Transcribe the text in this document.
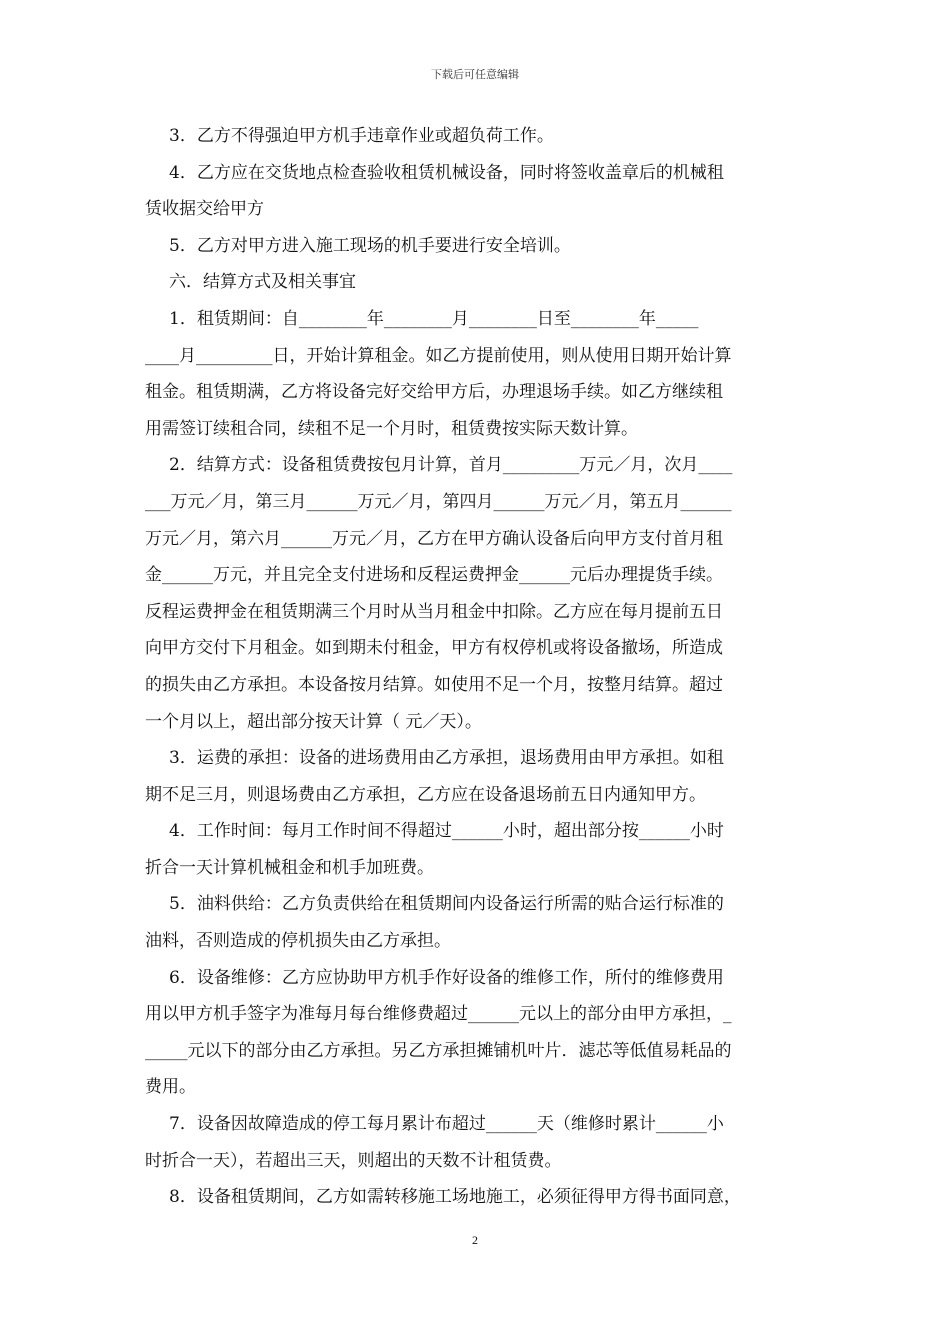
下载后可任意编辑
3．乙方不得强迫甲方机手违章作业或超负荷工作。
4．乙方应在交货地点检查验收租赁机械设备，同时将签收盖章后的机械租
赁收据交给甲方
5．乙方对甲方进入施工现场的机手要进行安全培训。
六．结算方式及相关事宜
1．租赁期间：自________年________月________日至________年_____
____月_________日，开始计算租金。如乙方提前使用，则从使用日期开始计算
租金。租赁期满，乙方将设备完好交给甲方后，办理退场手续。如乙方继续租
用需签订续租合同，续租不足一个月时，租赁费按实际天数计算。
2．结算方式：设备租赁费按包月计算，首月_________万元／月，次月____
___万元／月，第三月______万元／月，第四月______万元／月，第五月______
万元／月，第六月______万元／月，乙方在甲方确认设备后向甲方支付首月租
金______万元，并且完全支付进场和反程运费押金______元后办理提货手续。
反程运费押金在租赁期满三个月时从当月租金中扣除。乙方应在每月提前五日
向甲方交付下月租金。如到期未付租金，甲方有权停机或将设备撤场，所造成
的损失由乙方承担。本设备按月结算。如使用不足一个月，按整月结算。超过
一个月以上，超出部分按天计算（ 元／天）。
3．运费的承担：设备的进场费用由乙方承担，退场费用由甲方承担。如租
期不足三月，则退场费由乙方承担，乙方应在设备退场前五日内通知甲方。
4．工作时间：每月工作时间不得超过______小时，超出部分按______小时
折合一天计算机械租金和机手加班费。
5．油料供给：乙方负责供给在租赁期间内设备运行所需的贴合运行标准的
油料，否则造成的停机损失由乙方承担。
6．设备维修：乙方应协助甲方机手作好设备的维修工作，所付的维修费用
用以甲方机手签字为准每月每台维修费超过______元以上的部分由甲方承担，_
_____元以下的部分由乙方承担。另乙方承担摊铺机叶片．滤芯等低值易耗品的
费用。
7．设备因故障造成的停工每月累计布超过______天（维修时累计______小
时折合一天），若超出三天，则超出的天数不计租赁费。
8．设备租赁期间，乙方如需转移施工场地施工，必须征得甲方得书面同意，
2
